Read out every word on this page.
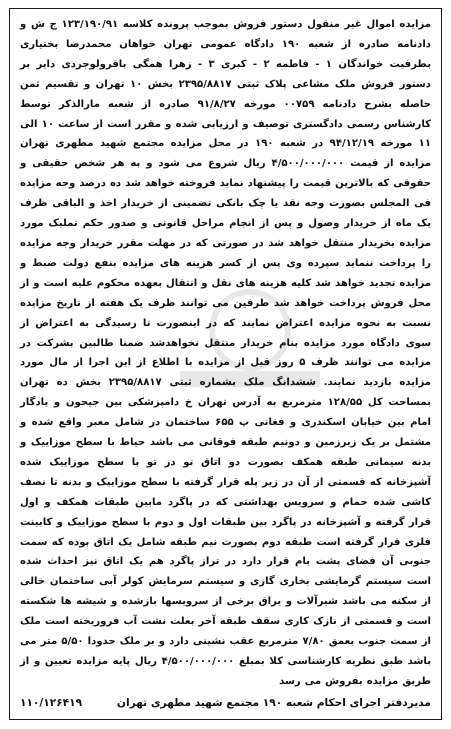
مزایده اموال غیر منقول دستور فروش بموجب پرونده کلاسه ۱۲۳/۱۹۰/۹۱ ج ش و دادنامه صادره از شعبه ۱۹۰ دادگاه عمومی تهران خواهان محمدرضا بختیاری بطرفیت خواندگان ۱ - فاطمه ۲ - کبری ۳ - زهرا همگی باقرولوجردی دایر بر دستور فروش ملک مشاعی پلاک ثبتی ۲۳۹۵/۸۸۱۷ بخش ۱۰ تهران و تقسیم ثمن حاصله بشرح دادنامه ۰۰۷۵۹ مورخه ۹۱/۸/۲۷ صادره از شعبه مارالذکر توسط کارشناس رسمی دادگستری توصیف و ارزیابی شده و مقرر است از ساعت ۱۰ الی ۱۱ مورخه ۹۴/۱۲/۱۹ در شعبه ۱۹۰ در محل مزایده مجتمع شهید مطهری تهران مزایده از قیمت ۴/۵۰۰/۰۰۰/۰۰۰ ریال شروع می شود و به هر شخص حقیقی و حقوقی که بالاترین قیمت را پیشنهاد نماید فروخته خواهد شد ده درصد وجه مزایده فی المجلس بصورت وجه نقد یا چک بانکی تضمینی از خریدار اخذ و الباقی ظرف یک ماه از خریدار وصول و پس از انجام مراحل قانونی و صدور حکم تملیک مورد مزایده بخریدار منتقل خواهد شد در صورتی که در مهلت مقرر خریدار وجه مزایده را پرداخت ننماید سپرده وی پس از کسر هزینه های مزایده بنفع دولت ضبط و مزایده تجدید خواهد شد کلیه هزینه های نقل و انتقال بعهده محکوم علیه است و از محل فروش پرداخت خواهد شد طرفین می توانند ظرف یک هفته از تاریخ مزایده نسبت به نحوه مزایده اعتراض نمایند که در اینصورت تا رسیدگی به اعتراض از سوی دادگاه مورد مزایده بنام خریدار منتقل نخواهدشد ضمنا طالبین بشرکت در مزایده می توانند ظرف ۵ روز قبل از مزایده با اطلاع از این اجرا از مال مورد مزایده بازدید نمایند. ششدانگ ملک بشماره ثبتی ۲۳۹۵/۸۸۱۷ بخش ده تهران بمساحت کل ۱۲۸/۵۵ مترمربع به آدرس تهران خ دامپزشکی بین جیحون و یادگار امام بین خیابان اسکندری و فغانی پ ۶۵۵ ساختمان در شامل معبر واقع شده و مشتمل بر یک زیرزمین و دونیم طبقه فوقانی می باشد حیاط با سطح موزاییک و بدنه سیمانی طبقه همکف بصورت دو اتاق تو در تو با سطح موزاییک شده آشپزخانه که قسمتی از آن در زیر پله قرار گرفته با سطح موزاییک و بدنه تا نصف کاشی شده حمام و سرویس بهداشتی که در پاگرد مابین طبقات همکف و اول قرار گرفته و آشپزخانه در پاگرد بین طبقات اول و دوم با سطح موزاییک و کابینت فلزی قرار گرفته است طبقه دوم بصورت نیم طبقه شامل یک اتاق بوده که سمت جنوبی آن فضای پشت بام قرار دارد در تراز پاگرد هم یک اتاق نیز احداث شده است سیستم گرمایشی بخاری گازی و سیستم سرمایش کولر آبی ساختمان خالی از سکنه می باشد شیرآلات و یراق برخی از سرویسها بازشده و شیشه ها شکسته است و قسمتی از نازک کاری سقف طبقه آخر بعلت نشت آب فروریخته است ملک از سمت جنوب بعمق ۷/۸۰ مترمربع عقب نشینی دارد و بر ملک حدودا ۵/۵۰ متر می باشد طبق نظریه کارشناسی کلا بمبلغ ۴/۵۰۰/۰۰۰/۰۰۰ ریال پایه مزایده تعیین و از طریق مزایده بفروش می رسد

مدیردفتر اجرای احکام شعبه ۱۹۰ مجتمع شهید مطهری تهران
۱۱۰/۱۲۶۴۱۹
